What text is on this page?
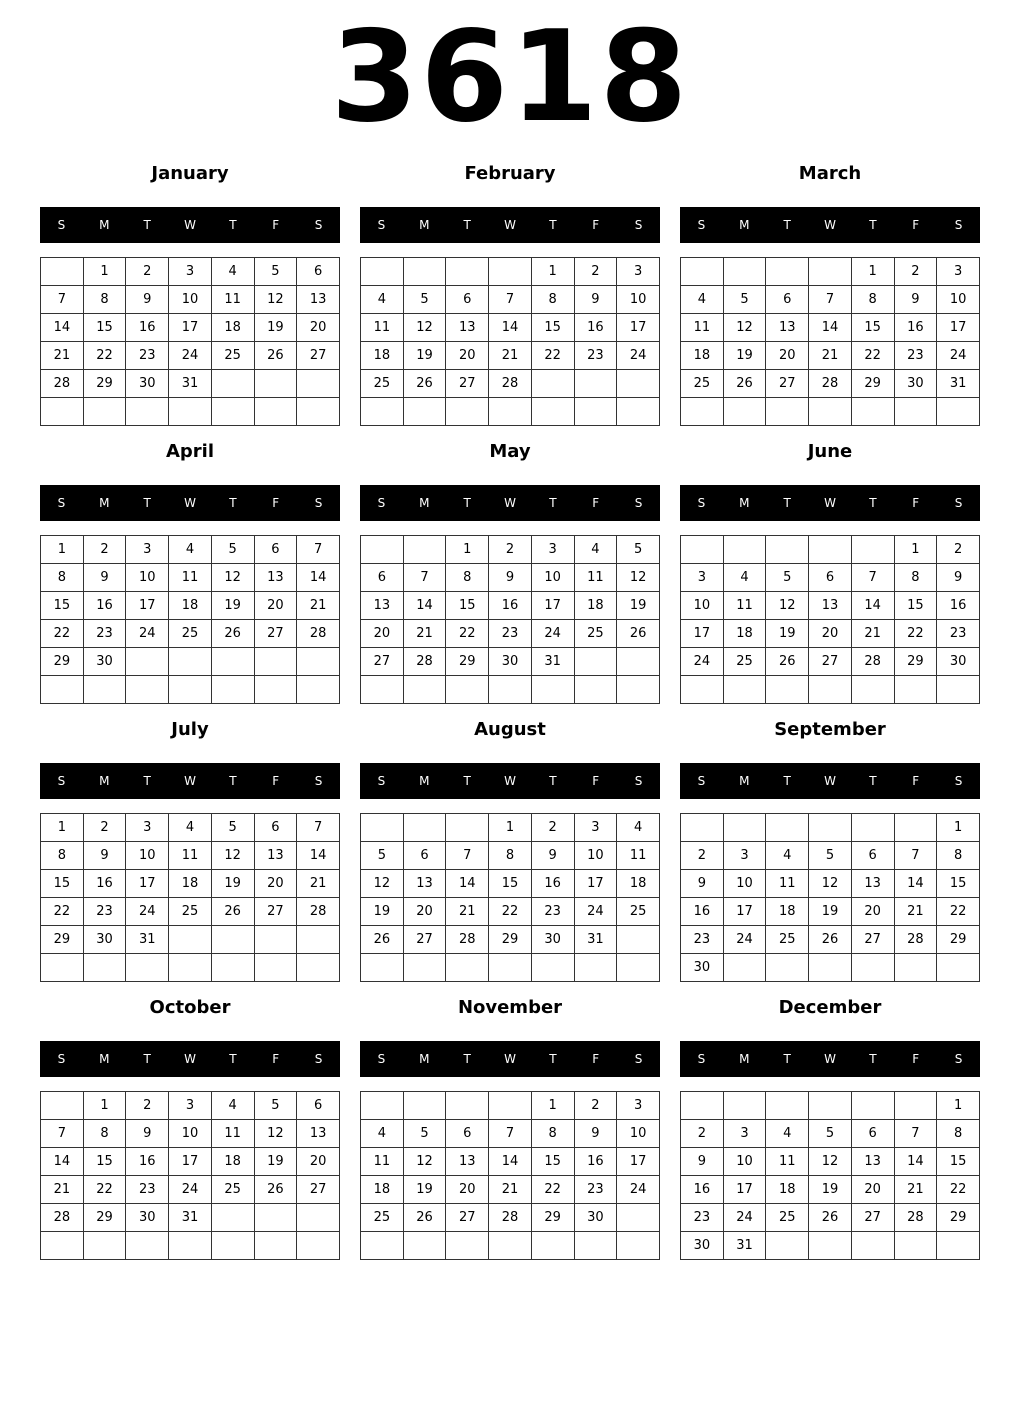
3618
January
S	M	T	W	T	F	S
	1	2	3	4	5	6
7	8	9	10	11	12	13
14	15	16	17	18	19	20
21	22	23	24	25	26	27
28	29	30	31			

February
S	M	T	W	T	F	S
				1	2	3
4	5	6	7	8	9	10
11	12	13	14	15	16	17
18	19	20	21	22	23	24
25	26	27	28			

March
S	M	T	W	T	F	S
				1	2	3
4	5	6	7	8	9	10
11	12	13	14	15	16	17
18	19	20	21	22	23	24
25	26	27	28	29	30	31

April
S	M	T	W	T	F	S
1	2	3	4	5	6	7
8	9	10	11	12	13	14
15	16	17	18	19	20	21
22	23	24	25	26	27	28
29	30					

May
S	M	T	W	T	F	S
		1	2	3	4	5
6	7	8	9	10	11	12
13	14	15	16	17	18	19
20	21	22	23	24	25	26
27	28	29	30	31		

June
S	M	T	W	T	F	S
					1	2
3	4	5	6	7	8	9
10	11	12	13	14	15	16
17	18	19	20	21	22	23
24	25	26	27	28	29	30

July
S	M	T	W	T	F	S
1	2	3	4	5	6	7
8	9	10	11	12	13	14
15	16	17	18	19	20	21
22	23	24	25	26	27	28
29	30	31				

August
S	M	T	W	T	F	S
			1	2	3	4
5	6	7	8	9	10	11
12	13	14	15	16	17	18
19	20	21	22	23	24	25
26	27	28	29	30	31	

September
S	M	T	W	T	F	S
						1
2	3	4	5	6	7	8
9	10	11	12	13	14	15
16	17	18	19	20	21	22
23	24	25	26	27	28	29
30						
October
S	M	T	W	T	F	S
	1	2	3	4	5	6
7	8	9	10	11	12	13
14	15	16	17	18	19	20
21	22	23	24	25	26	27
28	29	30	31			

November
S	M	T	W	T	F	S
				1	2	3
4	5	6	7	8	9	10
11	12	13	14	15	16	17
18	19	20	21	22	23	24
25	26	27	28	29	30	

December
S	M	T	W	T	F	S
						1
2	3	4	5	6	7	8
9	10	11	12	13	14	15
16	17	18	19	20	21	22
23	24	25	26	27	28	29
30	31					
